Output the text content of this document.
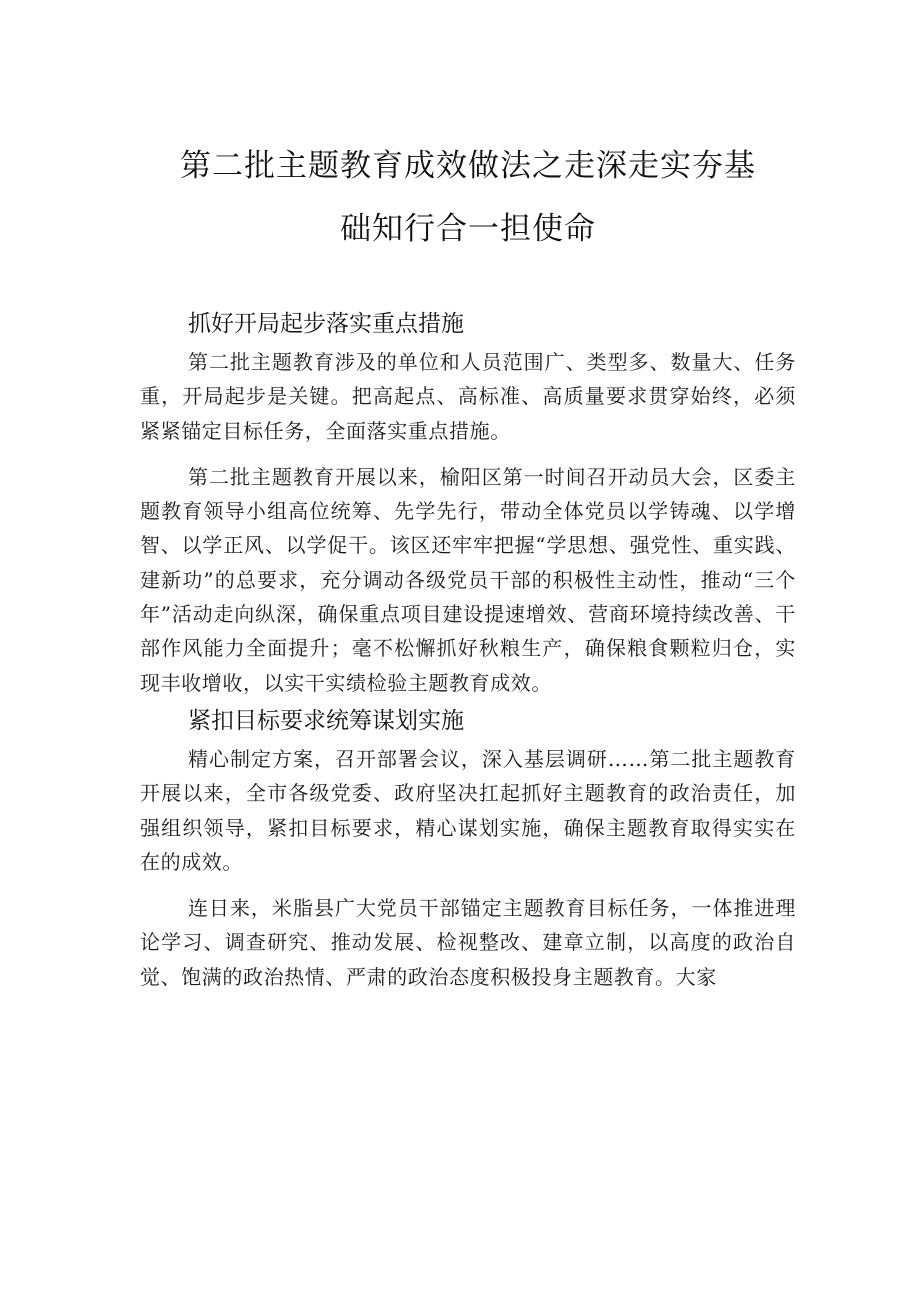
第二批主题教育成效做法之走深走实夯基
础知行合一担使命
抓好开局起步落实重点措施

第二批主题教育涉及的单位和人员范围广、类型多、数量大、任务重，开局起步是关键。把高起点、高标准、高质量要求贯穿始终，必须紧紧锚定目标任务，全面落实重点措施。

第二批主题教育开展以来，榆阳区第一时间召开动员大会，区委主题教育领导小组高位统筹、先学先行，带动全体党员以学铸魂、以学增智、以学正风、以学促干。该区还牢牢把握“学思想、强党性、重实践、建新功”的总要求，充分调动各级党员干部的积极性主动性，推动“三个年”活动走向纵深，确保重点项目建设提速增效、营商环境持续改善、干部作风能力全面提升；毫不松懈抓好秋粮生产，确保粮食颗粒归仓，实现丰收增收，以实干实绩检验主题教育成效。

紧扣目标要求统筹谋划实施

精心制定方案，召开部署会议，深入基层调研……第二批主题教育开展以来，全市各级党委、政府坚决扛起抓好主题教育的政治责任，加强组织领导，紧扣目标要求，精心谋划实施，确保主题教育取得实实在在的成效。

连日来，米脂县广大党员干部锚定主题教育目标任务，一体推进理论学习、调查研究、推动发展、检视整改、建章立制，以高度的政治自觉、饱满的政治热情、严肃的政治态度积极投身主题教育。大家
